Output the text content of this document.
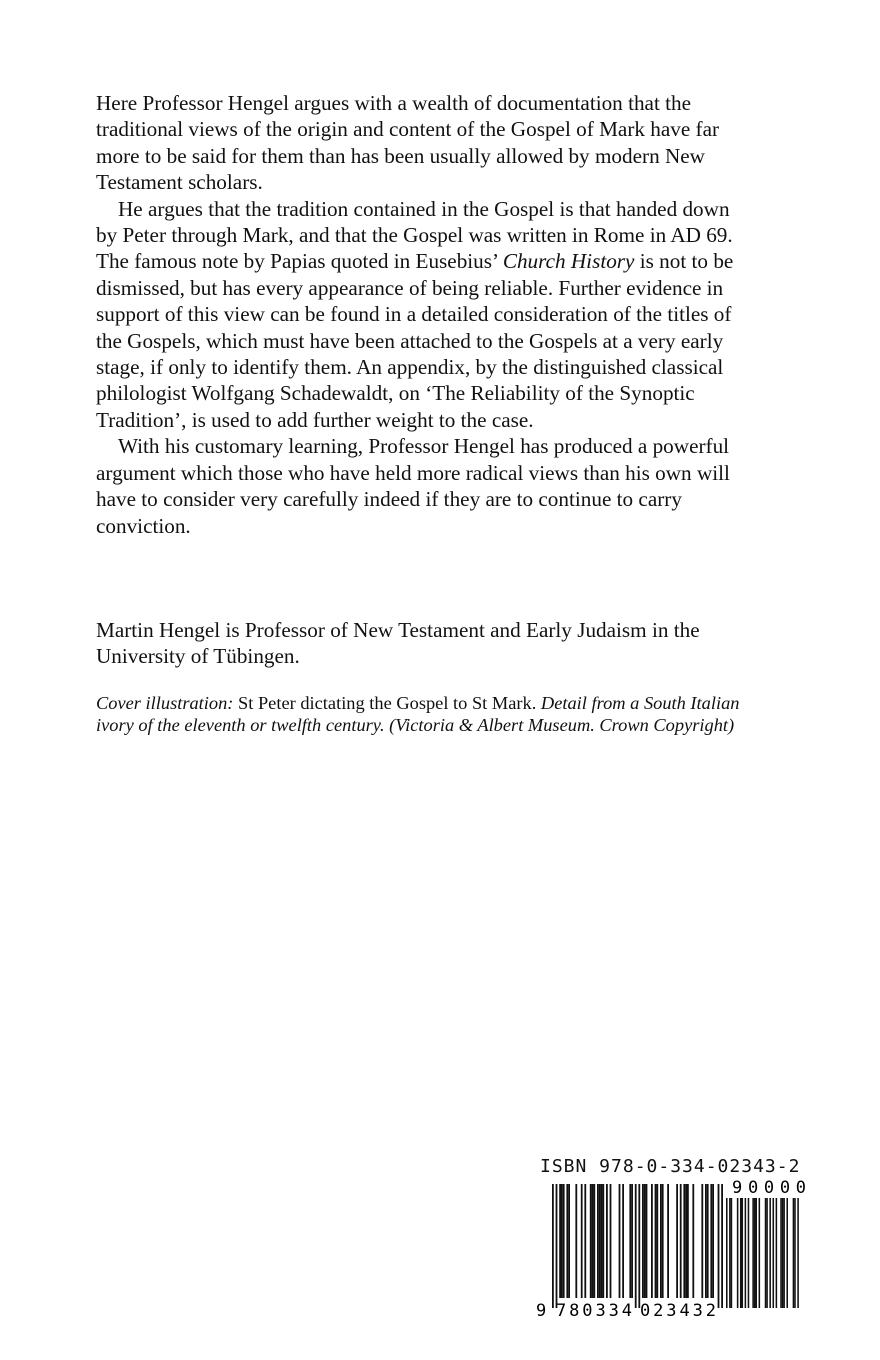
Here Professor Hengel argues with a wealth of documentation that the traditional views of the origin and content of the Gospel of Mark have far more to be said for them than has been usually allowed by modern New Testament scholars.

He argues that the tradition contained in the Gospel is that handed down by Peter through Mark, and that the Gospel was written in Rome in AD 69. The famous note by Papias quoted in Eusebius’ Church History is not to be dismissed, but has every appearance of being reliable. Further evidence in support of this view can be found in a detailed consideration of the titles of the Gospels, which must have been attached to the Gospels at a very early stage, if only to identify them. An appendix, by the distinguished classical philologist Wolfgang Schadewaldt, on ‘The Reliability of the Synoptic Tradition’, is used to add further weight to the case.

With his customary learning, Professor Hengel has produced a powerful argument which those who have held more radical views than his own will have to consider very carefully indeed if they are to continue to carry conviction.

Martin Hengel is Professor of New Testament and Early Judaism in the University of Tübingen.

Cover illustration: St Peter dictating the Gospel to St Mark. Detail from a South Italian ivory of the eleventh or twelfth century. (Victoria & Albert Museum. Crown Copyright)

ISBN 978-0-334-02343-2
9 780334 023432
90000
